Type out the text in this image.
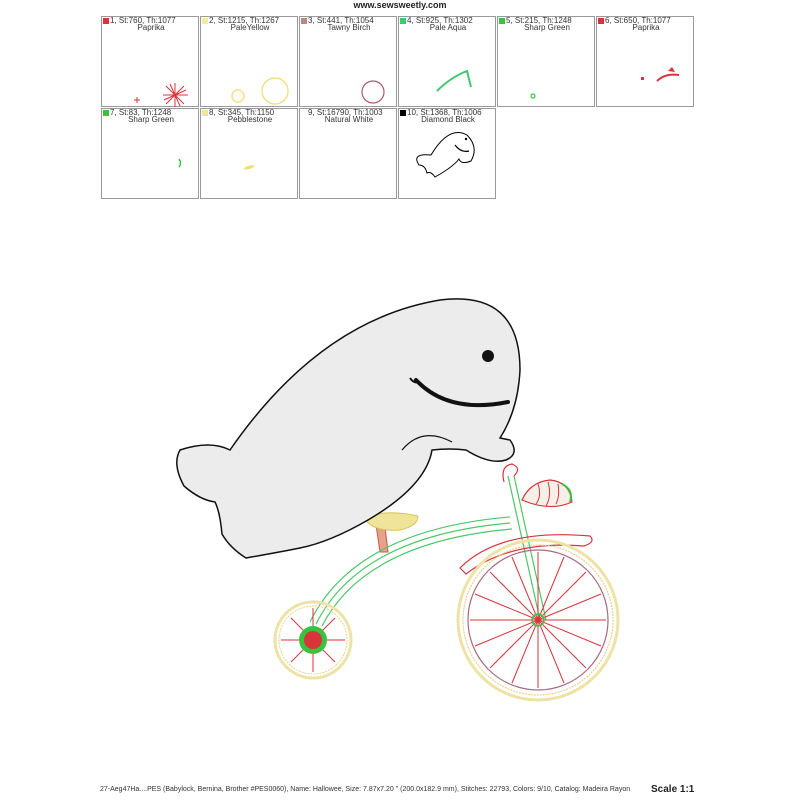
www.sewsweetly.com
1, St:760, Th:1077
Paprika
2, St:1215, Th:1267
PaleYellow
3, St:441, Th:1054
Tawny Birch
4, St:925, Th:1302
Pale Aqua
5, St:215, Th:1248
Sharp Green
6, St:650, Th:1077
Paprika
7, St:83, Th:1248
Sharp Green
8, St:345, Th:1150
Pebblestone
9, St:16790, Th:1003
Natural White
10, St:1368, Th:1006
Diamond Black
27-Aeg47Ha....PES (Babylock, Bernina, Brother #PES0060), Name: Hallowee, Size: 7.87x7.20 " (200.0x182.9 mm), Stitches: 22793, Colors: 9/10, Catalog: Madeira Rayon Scale 1:1
